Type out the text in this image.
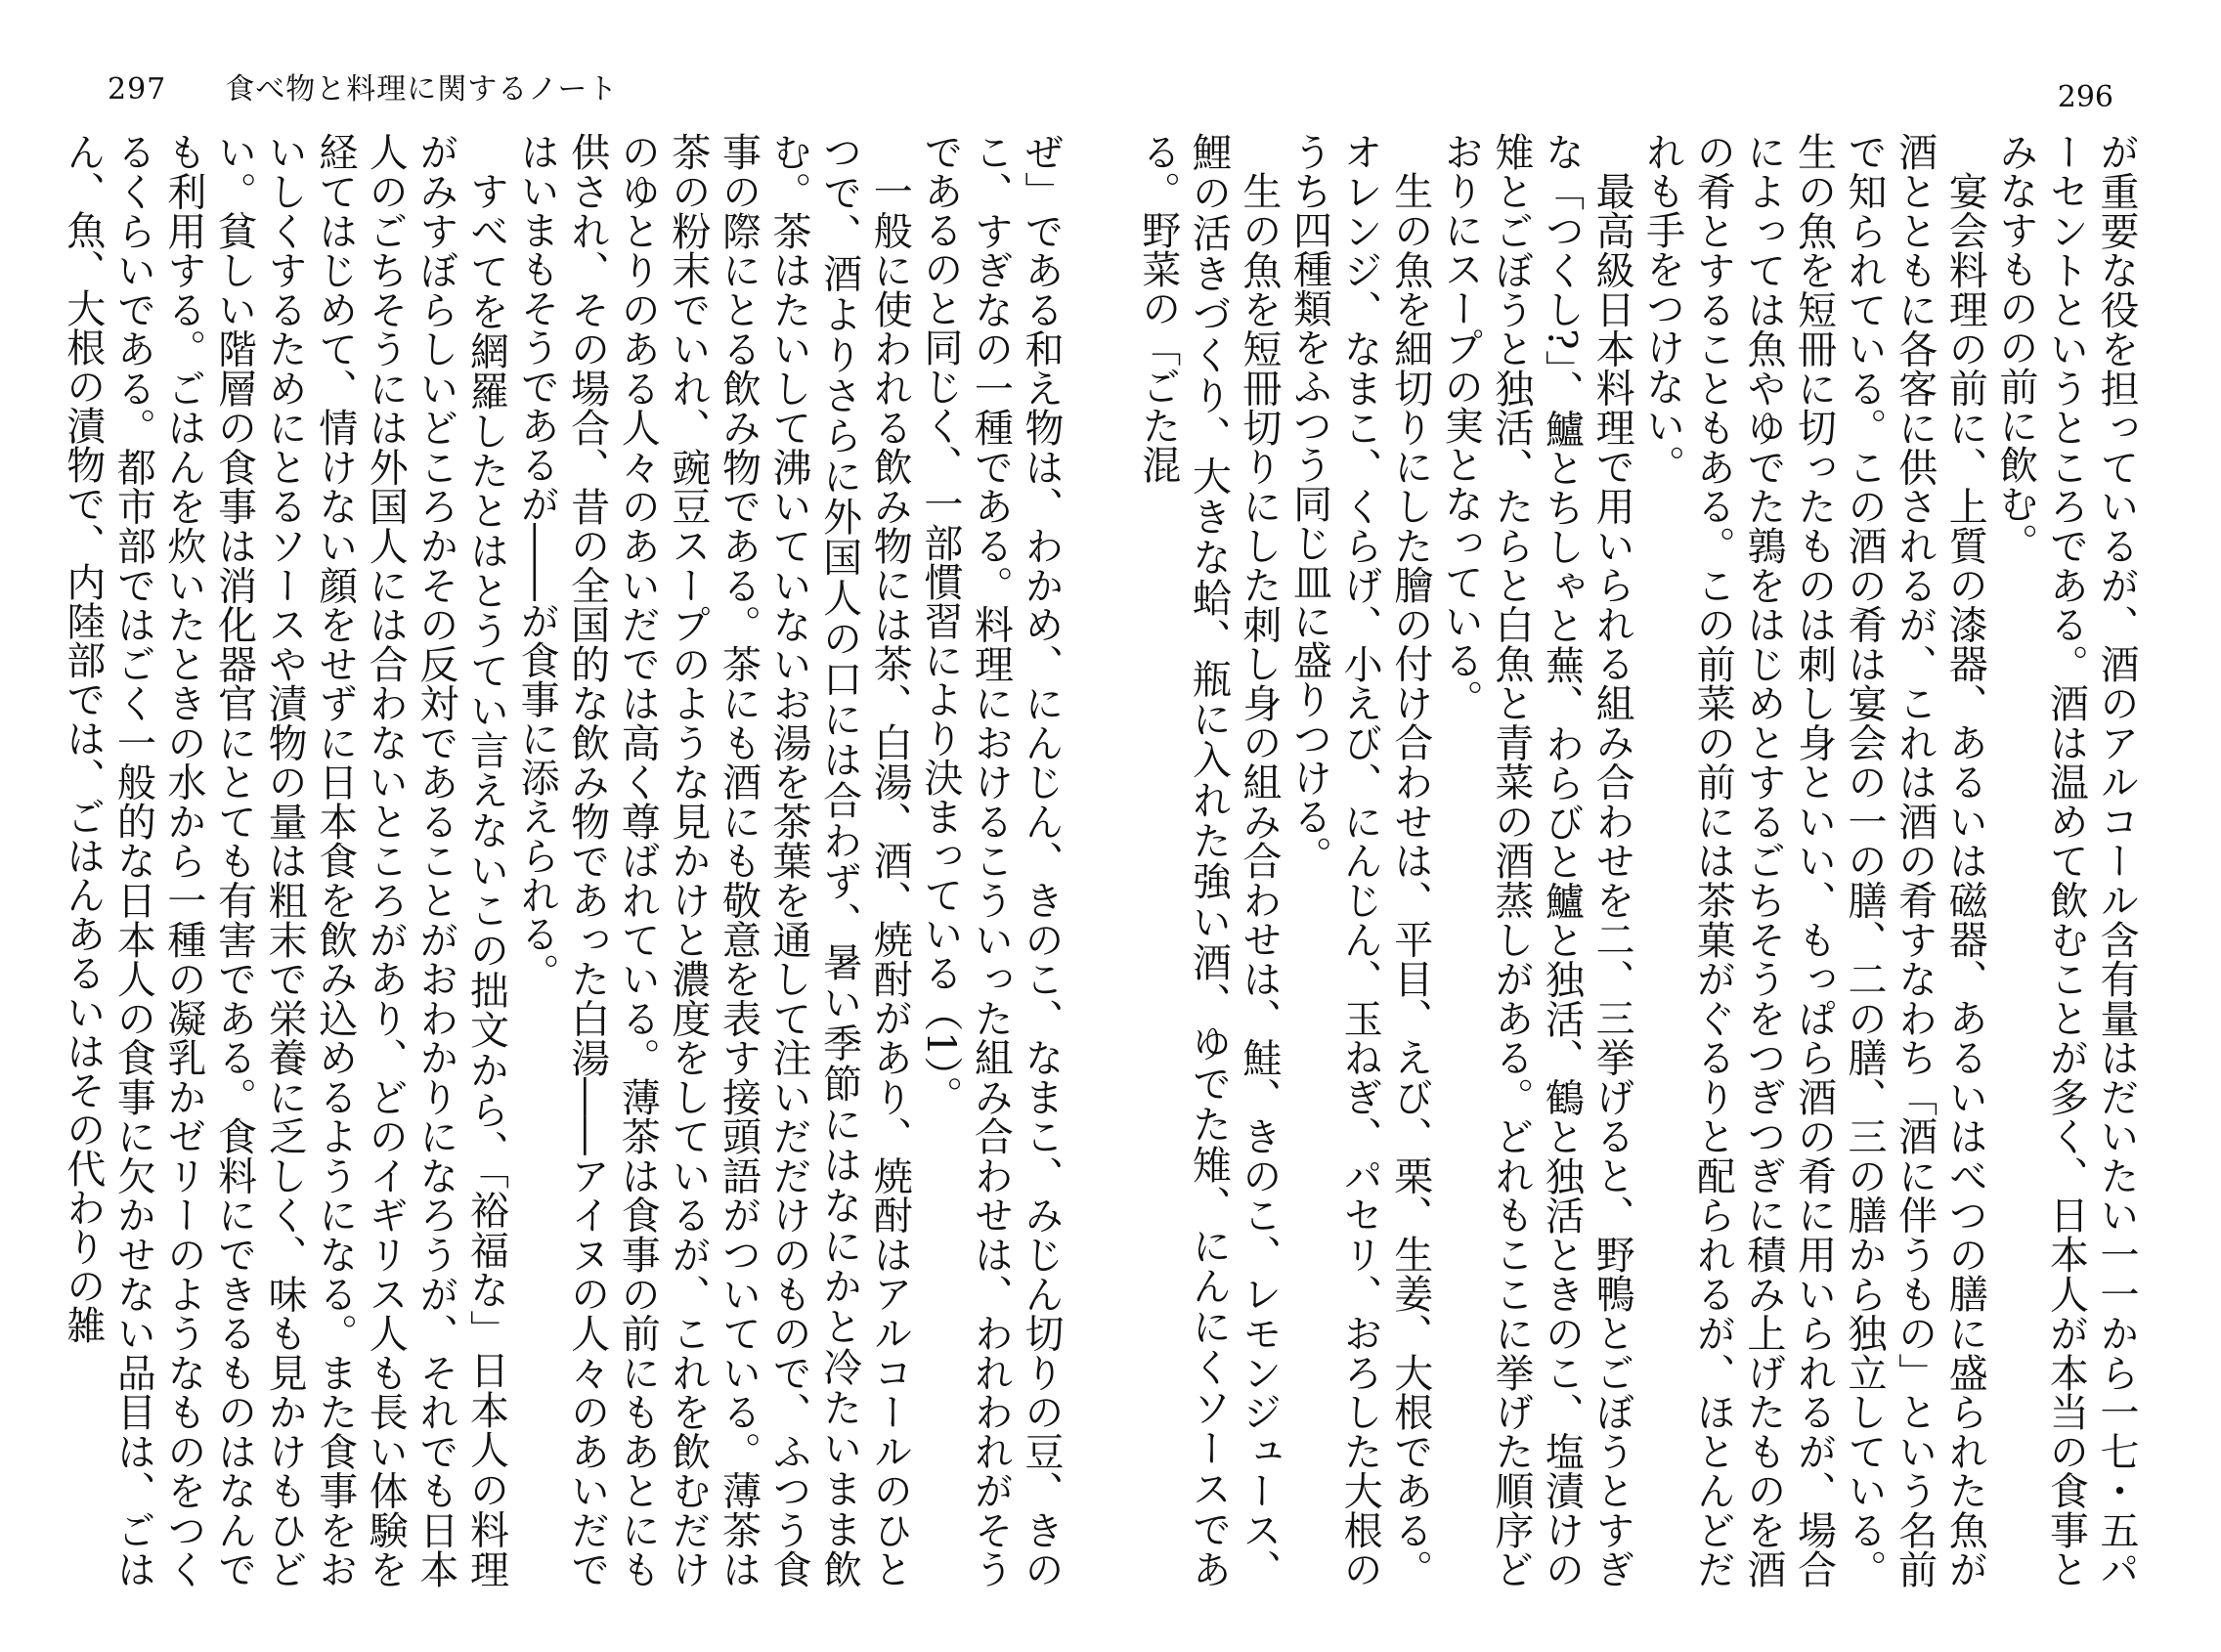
297 食べ物と料理に関するノート

ぜ」である和え物は、わかめ、にんじん、きのこ、なまこ、みじん切りの豆、きのこ、すぎなの一種である。料理におけるこういった組み合わせは、われわれがそうであるのと同じく、一部慣習により決まっている（1）。

一般に使われる飲み物には茶、白湯、酒、焼酎があり、焼酎はアルコールのひとつで、酒よりさらに外国人の口には合わず、暑い季節にはなにかと冷たいまま飲む。茶はたいして沸いていないお湯を茶葉を通して注いだだけのもので、ふつう食事の際にとる飲み物である。茶にも酒にも敬意を表す接頭語がついている。薄茶は茶の粉末でいれ、豌豆スープのような見かけと濃度をしているが、これを飲むだけのゆとりのある人々のあいだでは高く尊ばれている。薄茶は食事の前にもあとにも供され、その場合、昔の全国的な飲み物であった白湯――アイヌの人々のあいだではいまもそうであるが――が食事に添えられる。

すべてを網羅したとはとうてい言えないこの拙文から、「裕福な」日本人の料理がみすぼらしいどころかその反対であることがおわかりになろうが、それでも日本人のごちそうには外国人には合わないところがあり、どのイギリス人も長い体験を経てはじめて、情けない顔をせずに日本食を飲み込めるようになる。また食事をおいしくするためにとるソースや漬物の量は粗末で栄養に乏しく、味も見かけもひどい。貧しい階層の食事は消化器官にとても有害である。食料にできるものはなんでも利用する。ごはんを炊いたときの水から一種の凝乳かゼリーのようなものをつくるくらいである。都市部ではごく一般的な日本人の食事に欠かせない品目は、ごはん、魚、大根の漬物で、内陸部では、ごはんあるいはその代わりの雑

296

が重要な役を担っているが、酒のアルコール含有量はだいたい一一から一七・五パーセントというところである。酒は温めて飲むことが多く、日本人が本当の食事とみなすものの前に飲む。

宴会料理の前に、上質の漆器、あるいは磁器、あるいはべつの膳に盛られた魚が酒とともに各客に供されるが、これは酒の肴すなわち「酒に伴うもの」という名前で知られている。この酒の肴は宴会の一の膳、二の膳、三の膳から独立している。生の魚を短冊に切ったものは刺し身といい、もっぱら酒の肴に用いられるが、場合によっては魚やゆでた鶉をはじめとするごちそうをつぎつぎに積み上げたものを酒の肴とすることもある。この前菜の前には茶菓がぐるりと配られるが、ほとんどだれも手をつけない。

最高級日本料理で用いられる組み合わせを二、三挙げると、野鴨とごぼうとすぎな「つくし?」、鱸とちしゃと蕪、わらびと鱸と独活、鶴と独活ときのこ、塩漬けの雉とごぼうと独活、たらと白魚と青菜の酒蒸しがある。どれもここに挙げた順序どおりにスープの実となっている。

生の魚を細切りにした膾の付け合わせは、平目、えび、栗、生姜、大根である。オレンジ、なまこ、くらげ、小えび、にんじん、玉ねぎ、パセリ、おろした大根のうち四種類をふつう同じ皿に盛りつける。

生の魚を短冊切りにした刺し身の組み合わせは、鮭、きのこ、レモンジュース、鯉の活きづくり、大きな蛤、瓶に入れた強い酒、ゆでた雉、にんにくソースである。野菜の「ごた混
